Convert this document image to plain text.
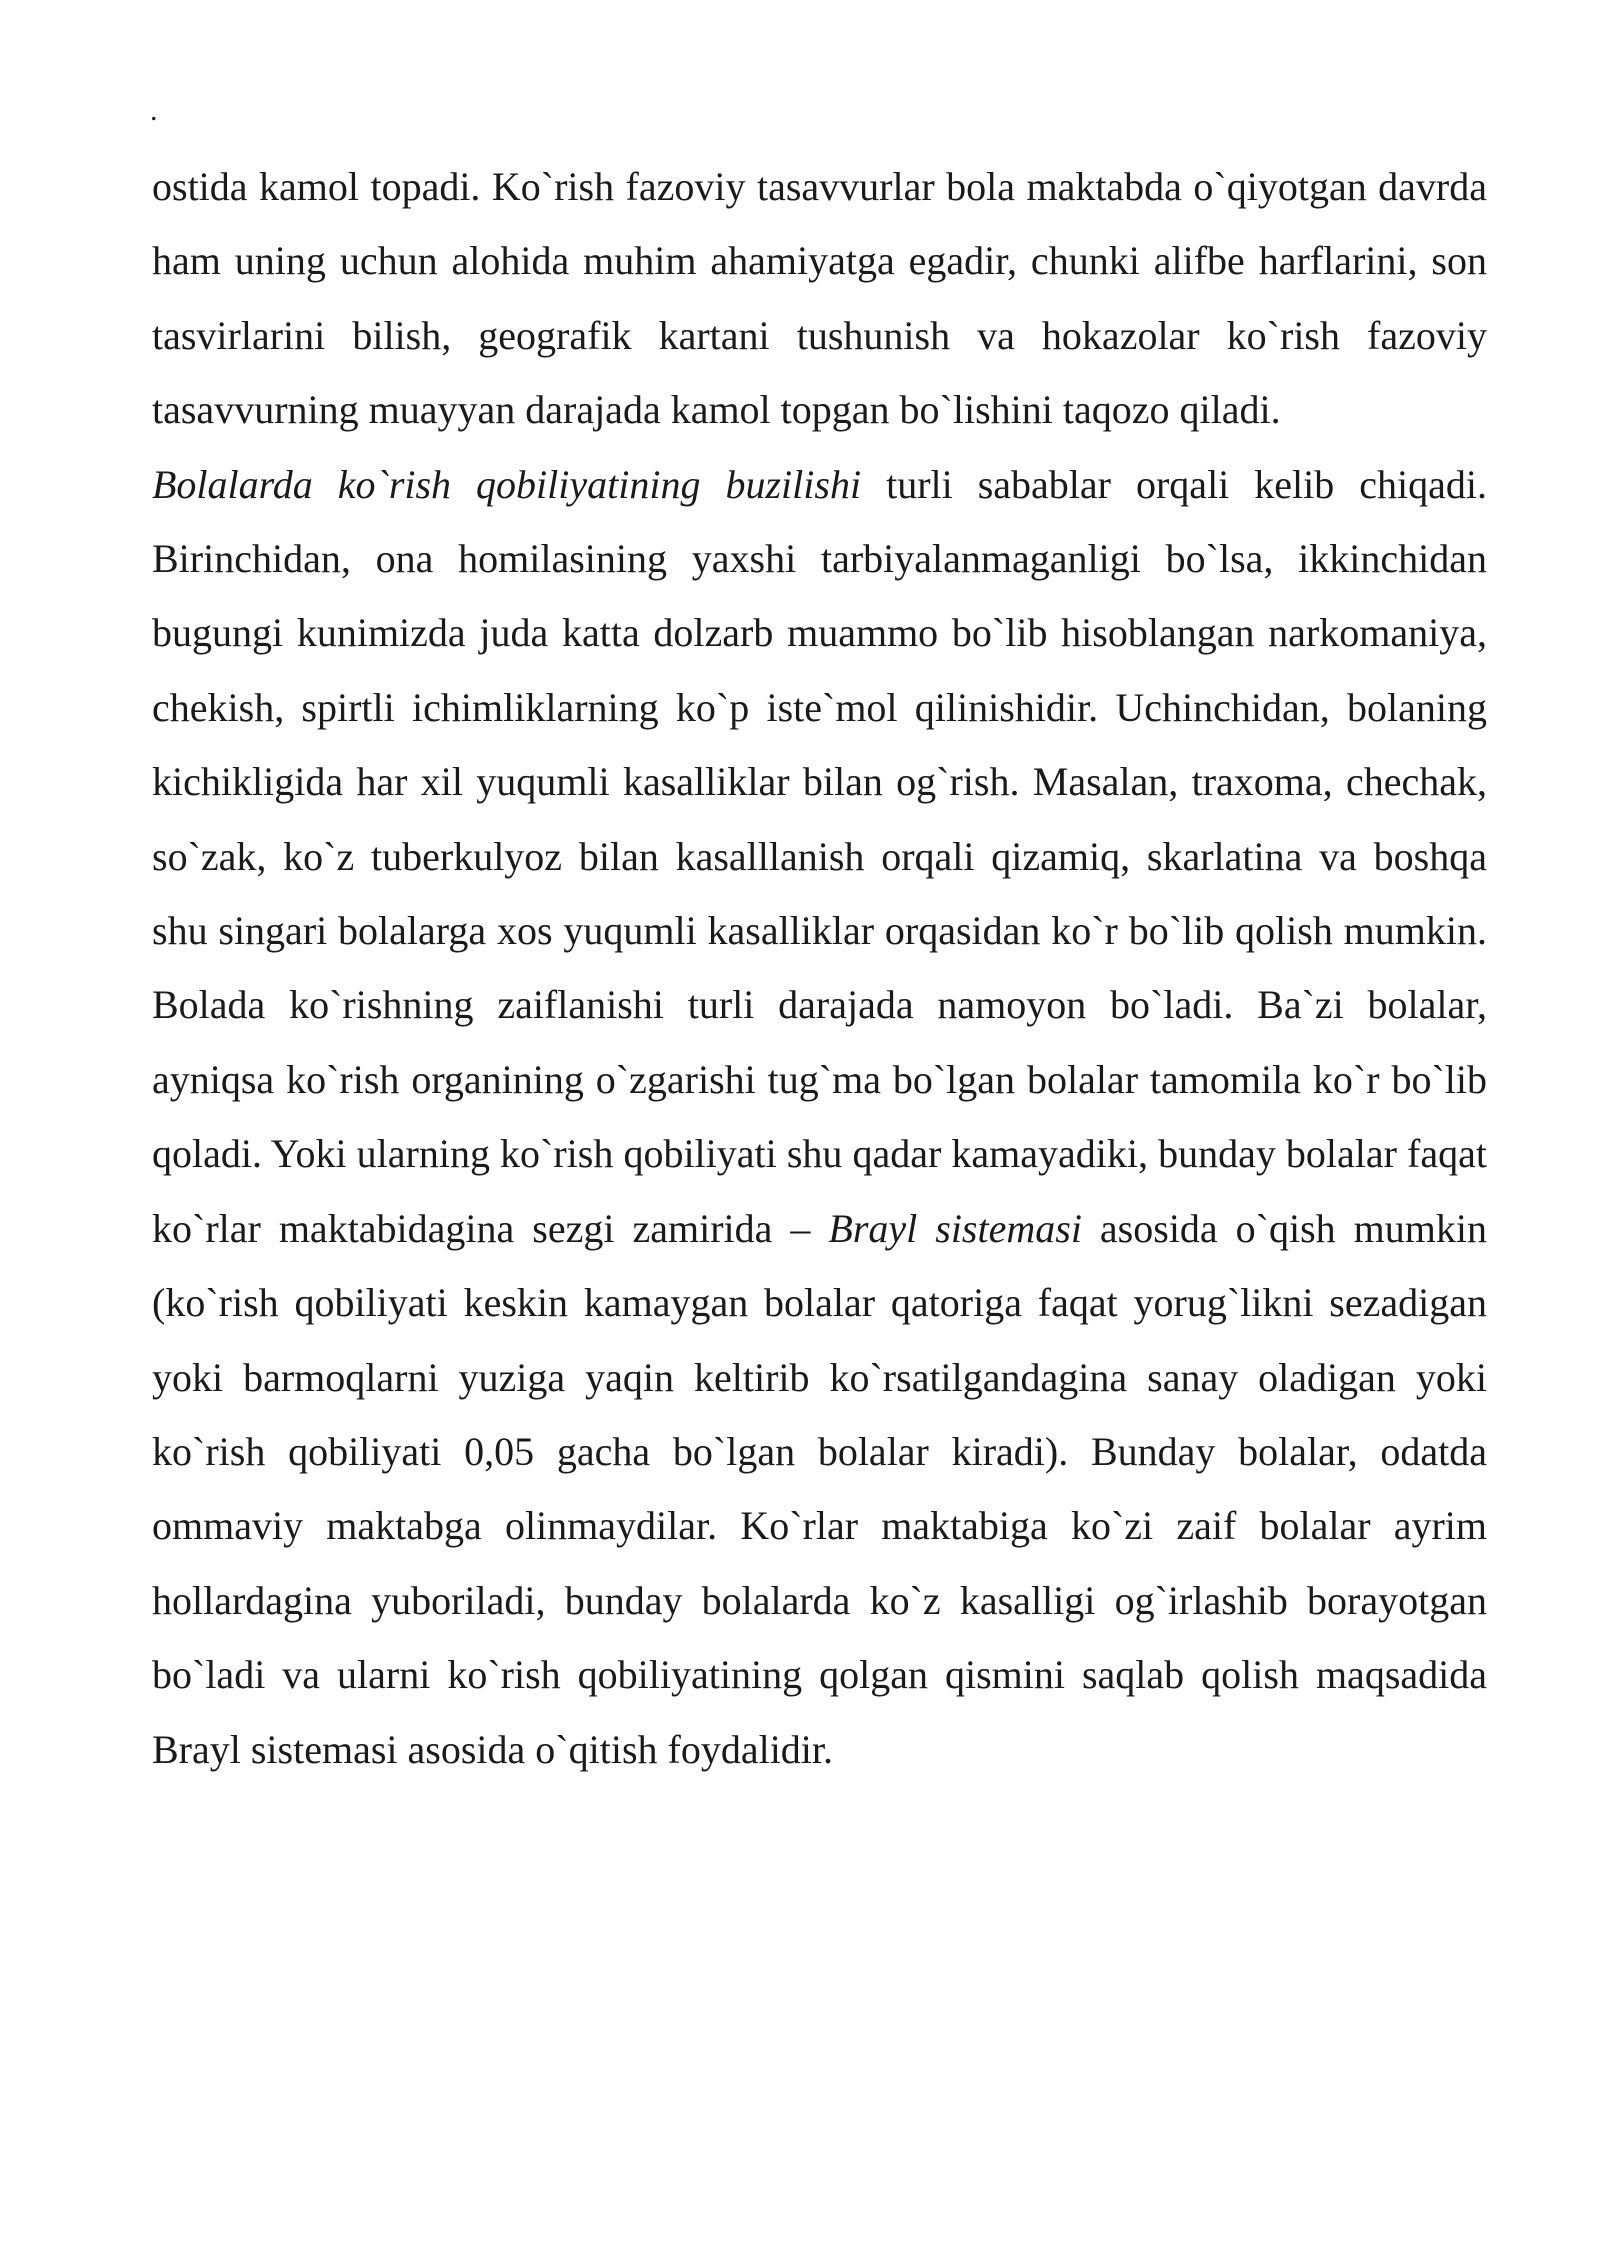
.

ostida kamol topadi. Ko`rish fazoviy tasavvurlar bola maktabda o`qiyotgan davrda ham uning uchun alohida muhim ahamiyatga egadir, chunki alifbe harflarini, son tasvirlarini bilish, geografik kartani tushunish va hokazolar ko`rish fazoviy tasavvurning muayyan darajada kamol topgan bo`lishini taqozo qiladi.

Bolalarda ko`rish qobiliyatining buzilishi turli sabablar orqali kelib chiqadi. Birinchidan, ona homilasining yaxshi tarbiyalanmaganligi bo`lsa, ikkinchidan bugungi kunimizda juda katta dolzarb muammo bo`lib hisoblangan narkomaniya, chekish, spirtli ichimliklarning ko`p iste`mol qilinishidir. Uchinchidan, bolaning kichikligida har xil yuqumli kasalliklar bilan og`rish. Masalan, traxoma, chechak, so`zak, ko`z tuberkulyoz bilan kasalllanish orqali qizamiq, skarlatina va boshqa shu singari bolalarga xos yuqumli kasalliklar orqasidan ko`r bo`lib qolish mumkin. Bolada ko`rishning zaiflanishi turli darajada namoyon bo`ladi. Ba`zi bolalar, ayniqsa ko`rish organining o`zgarishi tug`ma bo`lgan bolalar tamomila ko`r bo`lib qoladi. Yoki ularning ko`rish qobiliyati shu qadar kamayadiki, bunday bolalar faqat ko`rlar maktabidagina sezgi zamirida – Brayl sistemasi asosida o`qish mumkin (ko`rish qobiliyati keskin kamaygan bolalar qatoriga faqat yorug`likni sezadigan yoki barmoqlarni yuziga yaqin keltirib ko`rsatilgandagina sanay oladigan yoki ko`rish qobiliyati 0,05 gacha bo`lgan bolalar kiradi). Bunday bolalar, odatda ommaviy maktabga olinmaydilar. Ko`rlar maktabiga ko`zi zaif bolalar ayrim hollardagina yuboriladi, bunday bolalarda ko`z kasalligi og`irlashib borayotgan bo`ladi va ularni ko`rish qobiliyatining qolgan qismini saqlab qolish maqsadida Brayl sistemasi asosida o`qitish foydalidir.
